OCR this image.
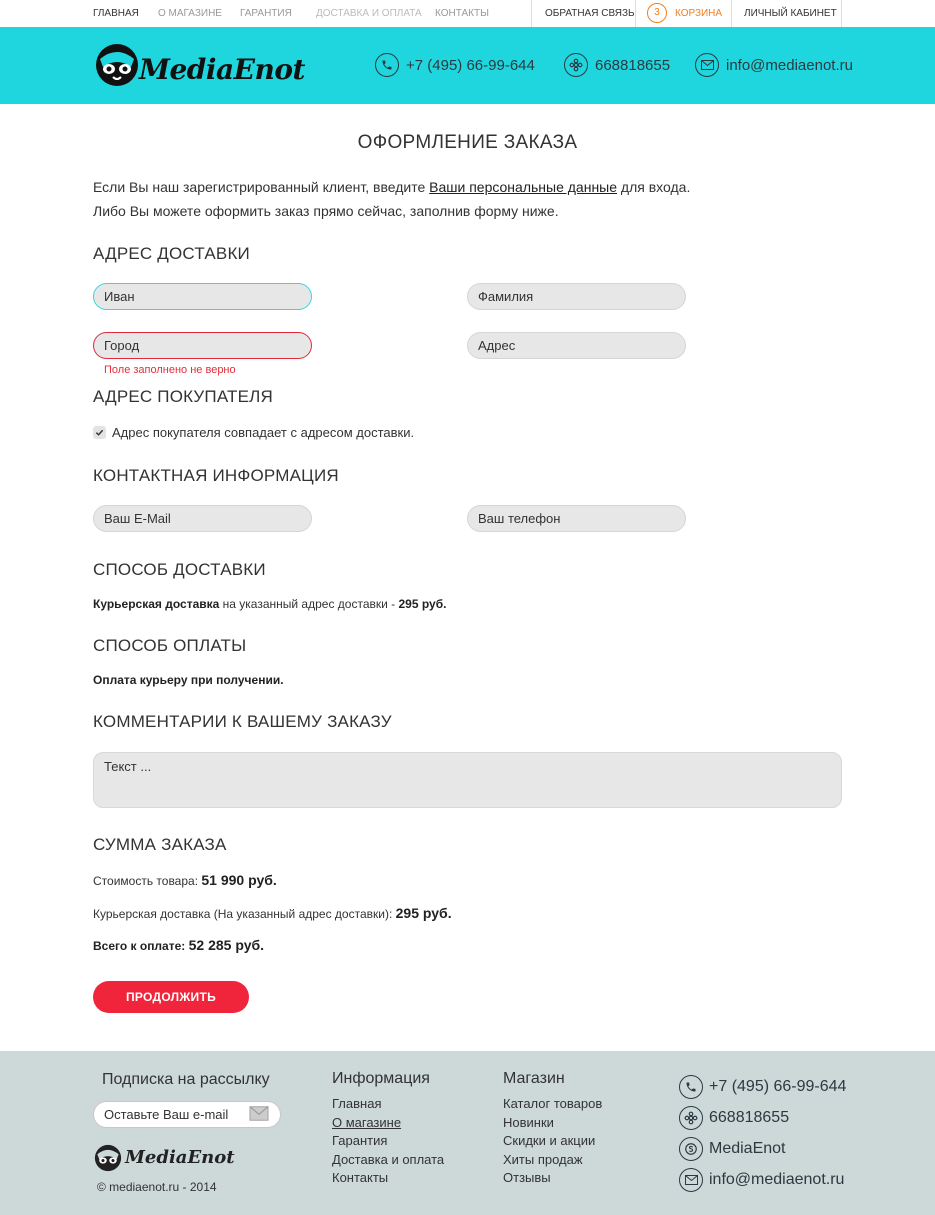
ГЛАВНАЯ О МАГАЗИНЕ ГАРАНТИЯ ДОСТАВКА И ОПЛАТА КОНТАКТЫ	ОБРАТНАЯ СВЯЗЬ	3	КОРЗИНА ЛИЧНЫЙ КАБИНЕТ
MediaEnot	+7 (495) 66-99-644	668818655	info@mediaenot.ru
ОФОРМЛЕНИЕ ЗАКАЗА
Если Вы наш зарегистрированный клиент, введите Ваши персональные данные для входа.
Либо Вы можете оформить заказ прямо сейчас, заполнив форму ниже.
АДРЕС ДОСТАВКИ
Иван
Фамилия
Город
Адрес
Поле заполнено не верно
АДРЕС ПОКУПАТЕЛЯ
Адрес покупателя совпадает с адресом доставки.
КОНТАКТНАЯ ИНФОРМАЦИЯ
Ваш E-Mail
Ваш телефон
СПОСОБ ДОСТАВКИ
Курьерская доставка на указанный адрес доставки - 295 руб.
СПОСОБ ОПЛАТЫ
Оплата курьеру при получении.
КОММЕНТАРИИ К ВАШЕМУ ЗАКАЗУ
Текст ...
СУММА ЗАКАЗА
Стоимость товара: 51 990 руб.
Курьерская доставка (На указанный адрес доставки): 295 руб.
Всего к оплате: 52 285 руб.
ПРОДОЛЖИТЬ
Подписка на рассылку
Оставьте Ваш e-mail
MediaEnot
© mediaenot.ru - 2014
Информация
Главная
О магазине
Гарантия
Доставка и оплата
Контакты
Магазин
Каталог товаров
Новинки
Скидки и акции
Хиты продаж
Отзывы
+7 (495) 66-99-644
668818655
MediaEnot
info@mediaenot.ru
